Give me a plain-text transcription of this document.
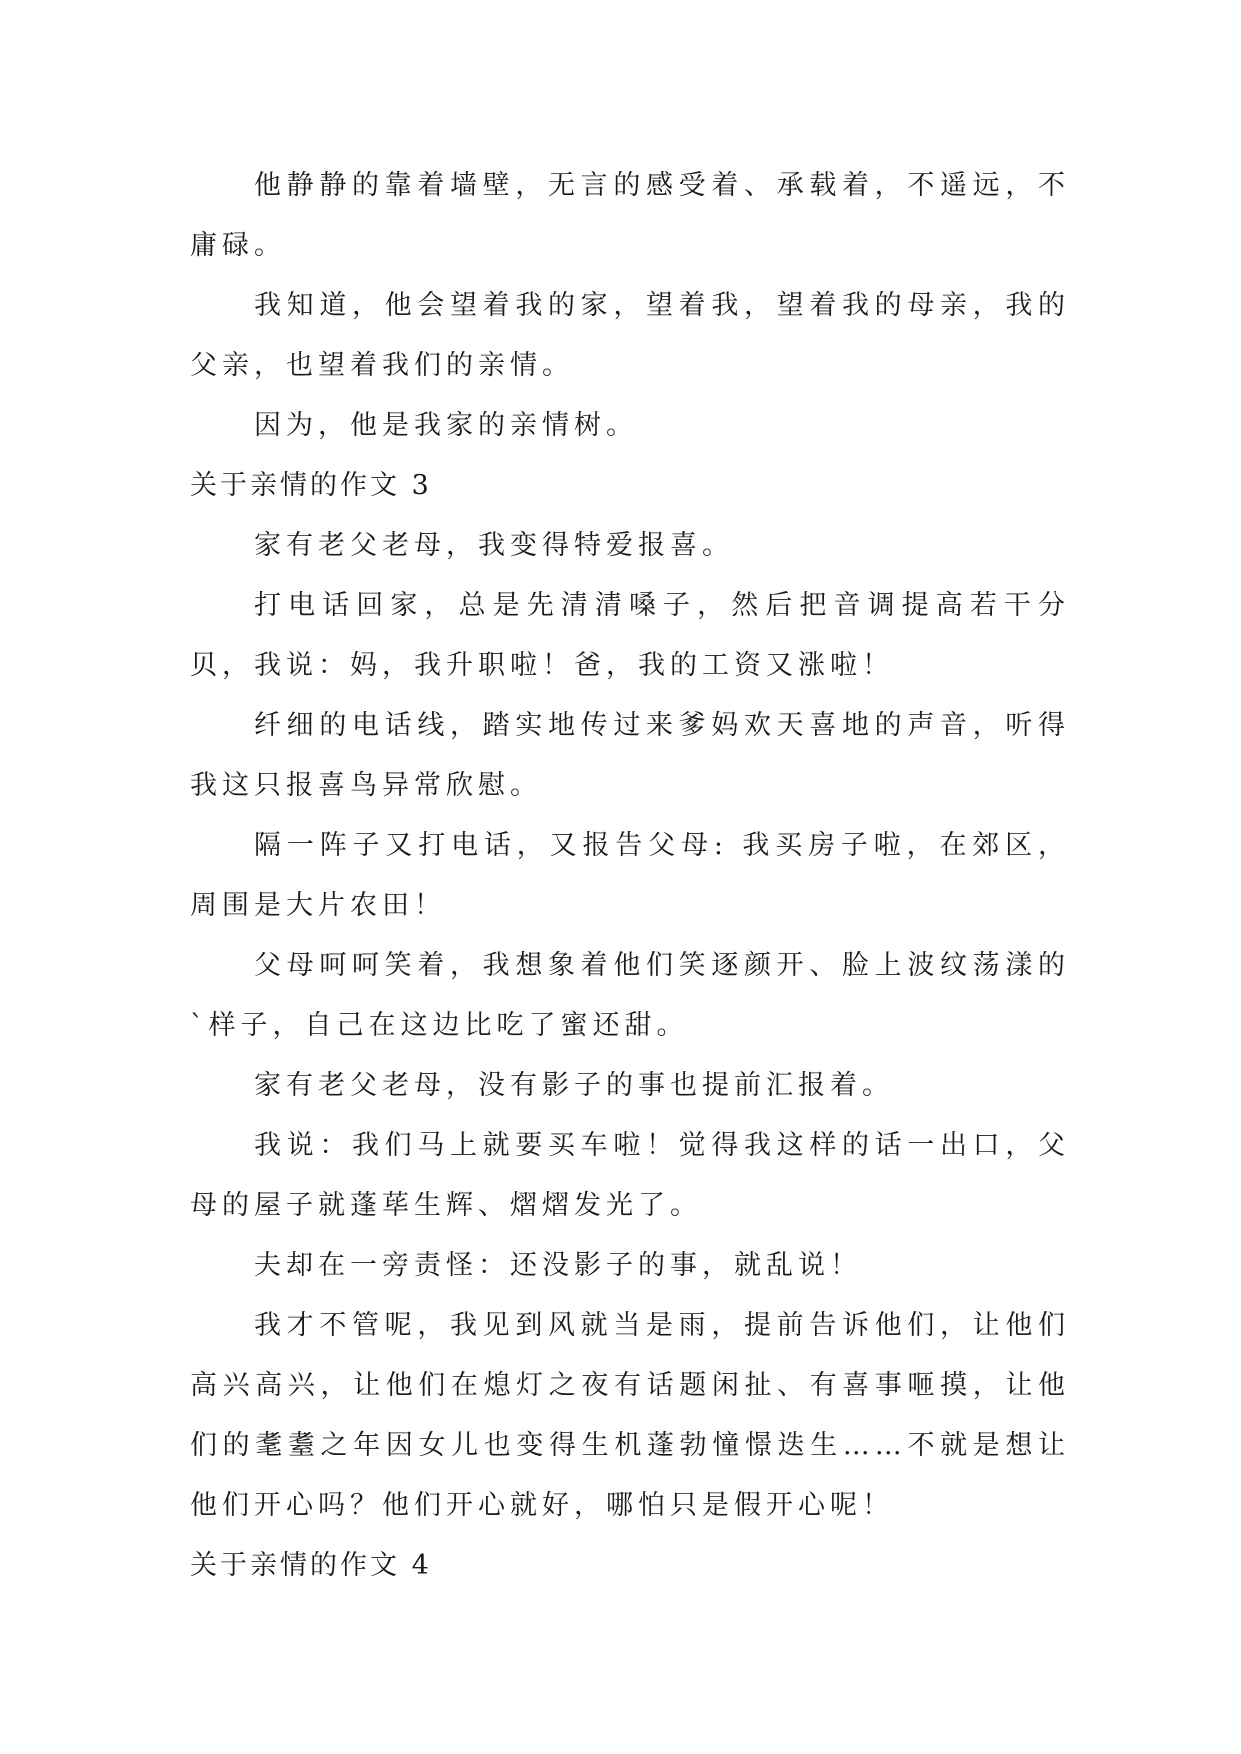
他静静的靠着墙壁，无言的感受着、承载着，不遥远，不庸碌。

我知道，他会望着我的家，望着我，望着我的母亲，我的父亲，也望着我们的亲情。

因为，他是我家的亲情树。

关于亲情的作文 3

家有老父老母，我变得特爱报喜。

打电话回家，总是先清清嗓子，然后把音调提高若干分贝，我说：妈，我升职啦！爸，我的工资又涨啦！

纤细的电话线，踏实地传过来爹妈欢天喜地的声音，听得我这只报喜鸟异常欣慰。

隔一阵子又打电话，又报告父母: 我买房子啦，在郊区，周围是大片农田！

父母呵呵笑着，我想象着他们笑逐颜开、脸上波纹荡漾的`样子，自己在这边比吃了蜜还甜。

家有老父老母，没有影子的事也提前汇报着。

我说：我们马上就要买车啦！觉得我这样的话一出口，父母的屋子就蓬荜生辉、熠熠发光了。

夫却在一旁责怪：还没影子的事，就乱说！

我才不管呢，我见到风就当是雨，提前告诉他们，让他们高兴高兴，让他们在熄灯之夜有话题闲扯、有喜事咂摸，让他们的耄耋之年因女儿也变得生机蓬勃憧憬迭生……不就是想让他们开心吗？他们开心就好，哪怕只是假开心呢！

关于亲情的作文 4
